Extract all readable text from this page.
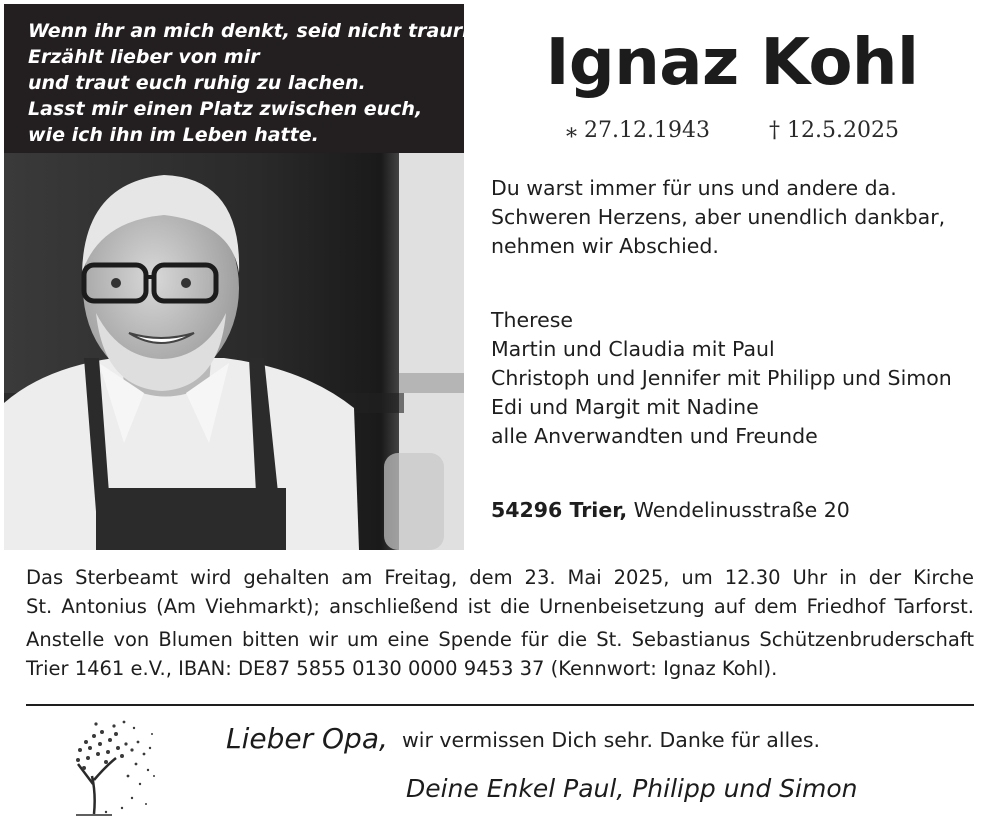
Wenn ihr an mich denkt, seid nicht traurig.
Erzählt lieber von mir
und traut euch ruhig zu lachen.
Lasst mir einen Platz zwischen euch,
wie ich ihn im Leben hatte.
Ignaz Kohl
⁎ 27.12.1943	† 12.5.2025
Du warst immer für uns und andere da.
Schweren Herzens, aber unendlich dankbar,
nehmen wir Abschied.
Therese
Martin und Claudia mit Paul
Christoph und Jennifer mit Philipp und Simon
Edi und Margit mit Nadine
alle Anverwandten und Freunde
54296 Trier, Wendelinusstraße 20
Das Sterbeamt wird gehalten am Freitag, dem 23. Mai 2025, um 12.30 Uhr in der Kirche
St. Antonius (Am Viehmarkt); anschließend ist die Urnenbeisetzung auf dem Friedhof Tarforst.
Anstelle von Blumen bitten wir um eine Spende für die St. Sebastianus Schützenbruderschaft
Trier 1461 e.V., IBAN: DE87 5855 0130 0000 9453 37 (Kennwort: Ignaz Kohl).
Lieber Opa, wir vermissen Dich sehr. Danke für alles.
Deine Enkel Paul, Philipp und Simon
